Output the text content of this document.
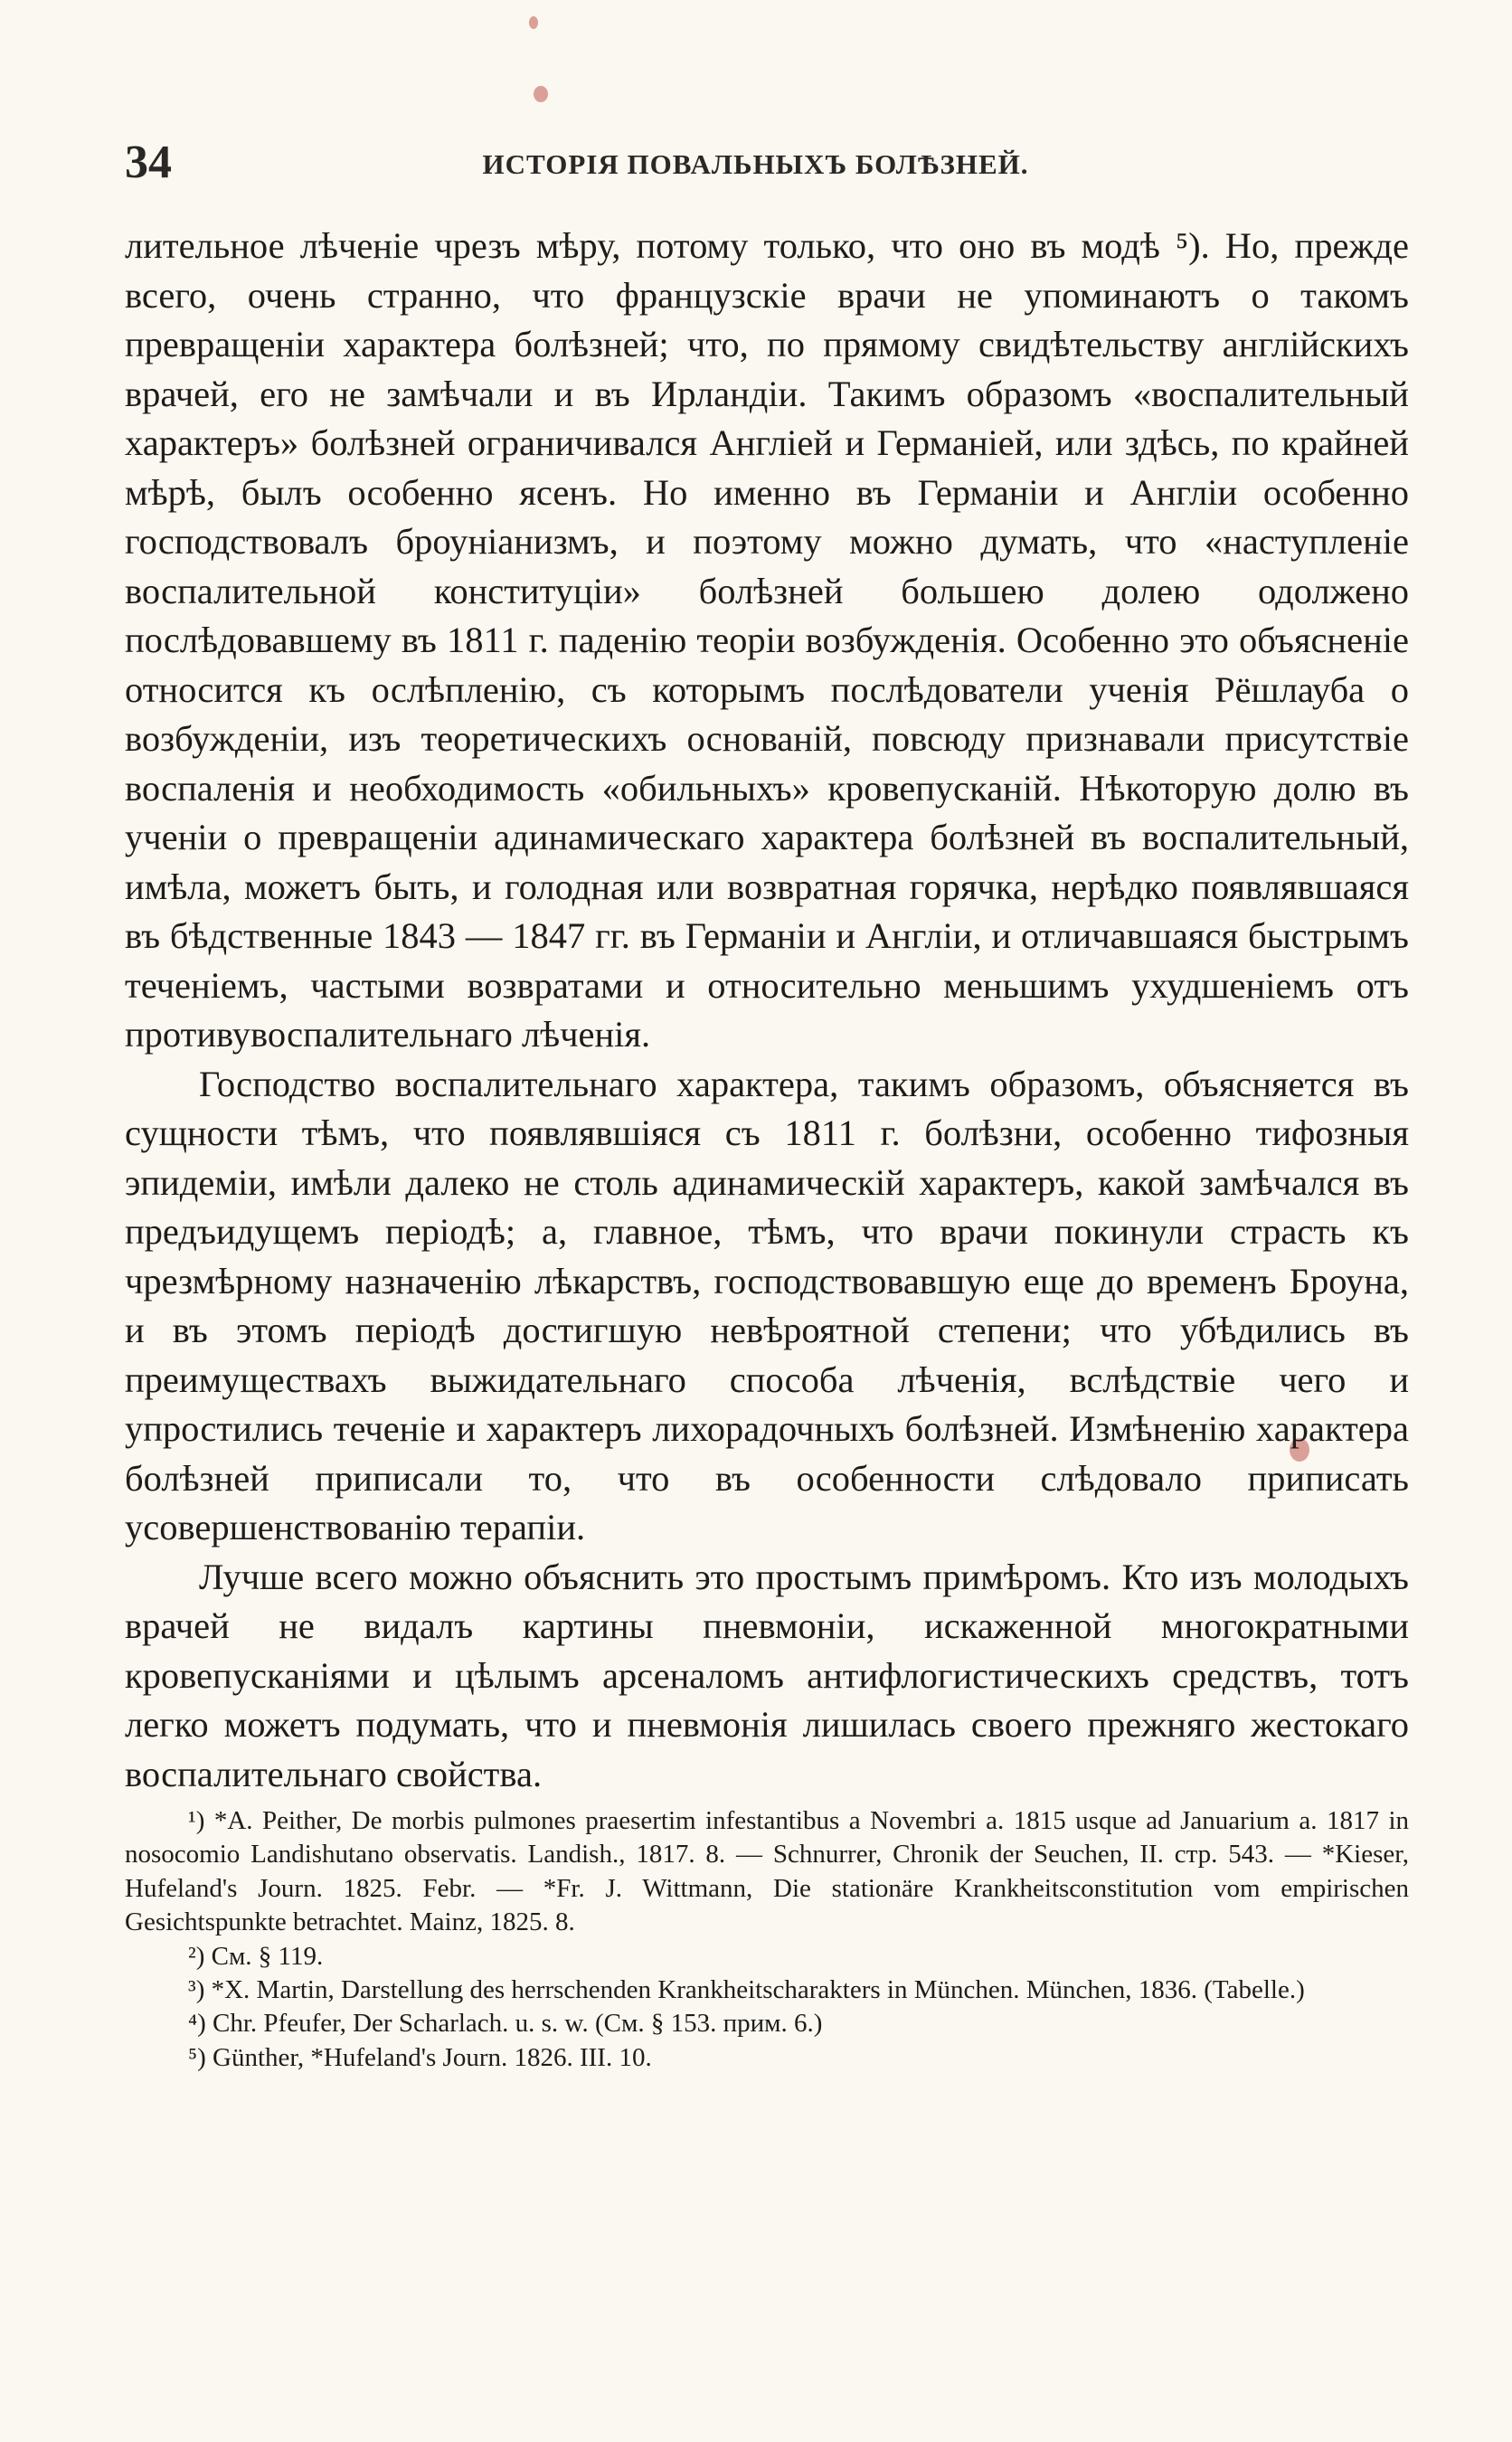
34	ИСТОРІЯ ПОВАЛЬНЫХЪ БОЛѢЗНЕЙ.

лительное лѣченіе чрезъ мѣру, потому только, что оно въ модѣ ⁵). Но, прежде всего, очень странно, что французскіе врачи не упоминаютъ о такомъ превращеніи характера болѣзней; что, по прямому свидѣтельству англійскихъ врачей, его не замѣчали и въ Ирландіи. Такимъ образомъ «воспалительный характеръ» болѣзней ограничивался Англіей и Германіей, или здѣсь, по крайней мѣрѣ, былъ особенно ясенъ. Но именно въ Германіи и Англіи особенно господствовалъ броуніанизмъ, и поэтому можно думать, что «наступленіе воспалительной конституціи» болѣзней большею долею одолжено послѣдовавшему въ 1811 г. паденію теоріи возбужденія. Особенно это объясненіе относится къ ослѣпленію, съ которымъ послѣдователи ученія Рёшлауба о возбужденіи, изъ теоретическихъ основаній, повсюду признавали присутствіе воспаленія и необходимость «обильныхъ» кровепусканій. Нѣкоторую долю въ ученіи о превращеніи адинамическаго характера болѣзней въ воспалительный, имѣла, можетъ быть, и голодная или возвратная горячка, нерѣдко появлявшаяся въ бѣдственные 1843 — 1847 гг. въ Германіи и Англіи, и отличавшаяся быстрымъ теченіемъ, частыми возвратами и относительно меньшимъ ухудшеніемъ отъ противувоспалительнаго лѣченія.

Господство воспалительнаго характера, такимъ образомъ, объясняется въ сущности тѣмъ, что появлявшіяся съ 1811 г. болѣзни, особенно тифозныя эпидеміи, имѣли далеко не столь адинамическій характеръ, какой замѣчался въ предъидущемъ періодѣ; а, главное, тѣмъ, что врачи покинули страсть къ чрезмѣрному назначенію лѣкарствъ, господствовавшую еще до временъ Броуна, и въ этомъ періодѣ достигшую невѣроятной степени; что убѣдились въ преимуществахъ выжидательнаго способа лѣченія, вслѣдствіе чего и упростились теченіе и характеръ лихорадочныхъ болѣзней. Измѣненію характера болѣзней приписали то, что въ особенности слѣдовало приписать усовершенствованію терапіи.

Лучше всего можно объяснить это простымъ примѣромъ. Кто изъ молодыхъ врачей не видалъ картины пневмоніи, искаженной многократными кровепусканіями и цѣлымъ арсеналомъ антифлогистическихъ средствъ, тотъ легко можетъ подумать, что и пневмонія лишилась своего прежняго жестокаго воспалительнаго свойства.

¹) *A. Peither, De morbis pulmones praesertim infestantibus a Novembri a. 1815 usque ad Januarium a. 1817 in nosocomio Landishutano observatis. Landish., 1817. 8. — Schnurrer, Chronik der Seuchen, II. стр. 543. — *Kieser, Hufeland's Journ. 1825. Febr. — *Fr. J. Wittmann, Die stationäre Krankheitsconstitution vom empirischen Gesichtspunkte betrachtet. Mainz, 1825. 8.

²) См. § 119.

³) *X. Martin, Darstellung des herrschenden Krankheitscharakters in München. München, 1836. (Tabelle.)

⁴) Chr. Pfeufer, Der Scharlach. u. s. w. (См. § 153. прим. 6.)

⁵) Günther, *Hufeland's Journ. 1826. III. 10.
